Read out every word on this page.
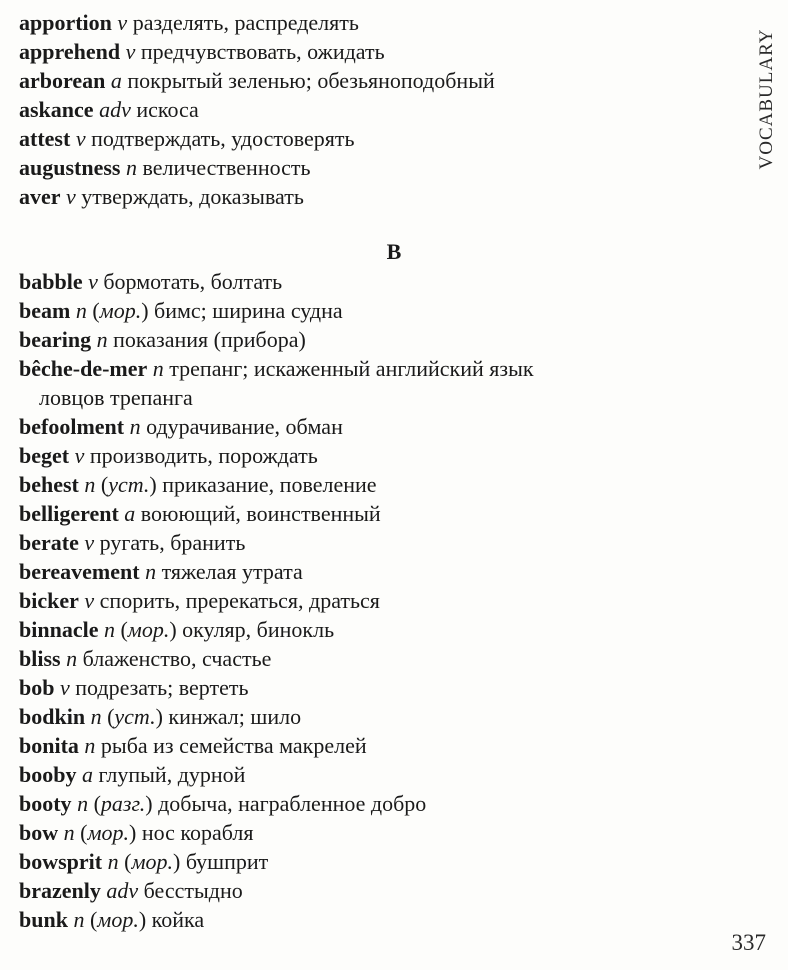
apportion v разделять, распределять
apprehend v предчувствовать, ожидать
arborean a покрытый зеленью; обезьяноподобный
askance adv искоса
attest v подтверждать, удостоверять
augustness n величественность
aver v утверждать, доказывать
B
babble v бормотать, болтать
beam n (мор.) бимс; ширина судна
bearing n показания (прибора)
bêche-de-mer n трепанг; искаженный английский язык
ловцов трепанга
befoolment n одурачивание, обман
beget v производить, порождать
behest n (уст.) приказание, повеление
belligerent a воюющий, воинственный
berate v ругать, бранить
bereavement n тяжелая утрата
bicker v спорить, пререкаться, драться
binnacle n (мор.) окуляр, бинокль
bliss n блаженство, счастье
bob v подрезать; вертеть
bodkin n (уст.) кинжал; шило
bonita n рыба из семейства макрелей
booby a глупый, дурной
booty n (разг.) добыча, награбленное добро
bow n (мор.) нос корабля
bowsprit n (мор.) бушприт
brazenly adv бесстыдно
bunk n (мор.) койка
VOCABULARY
337
